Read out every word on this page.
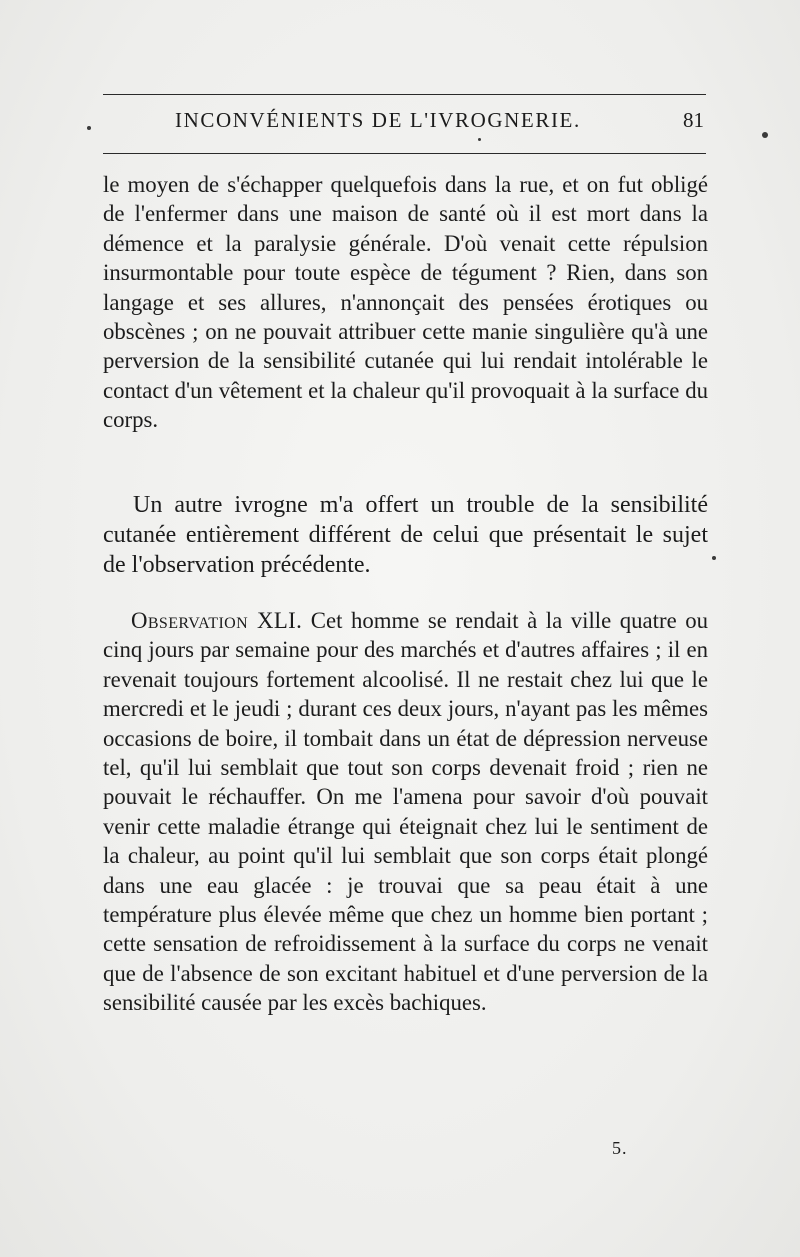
INCONVÉNIENTS DE L'IVROGNERIE.	81
le moyen de s'échapper quelquefois dans la rue, et on fut obligé de l'enfermer dans une maison de santé où il est mort dans la démence et la paralysie générale. D'où venait cette répulsion insurmontable pour toute espèce de tégument ? Rien, dans son langage et ses allures, n'annonçait des pensées érotiques ou obscènes ; on ne pouvait attribuer cette manie singulière qu'à une perversion de la sensibilité cutanée qui lui rendait intolérable le contact d'un vêtement et la chaleur qu'il provoquait à la surface du corps.
Un autre ivrogne m'a offert un trouble de la sensibilité cutanée entièrement différent de celui que présentait le sujet de l'observation précédente.
Observation XLI. Cet homme se rendait à la ville quatre ou cinq jours par semaine pour des marchés et d'autres affaires ; il en revenait toujours fortement alcoolisé. Il ne restait chez lui que le mercredi et le jeudi ; durant ces deux jours, n'ayant pas les mêmes occasions de boire, il tombait dans un état de dépression nerveuse tel, qu'il lui semblait que tout son corps devenait froid ; rien ne pouvait le réchauffer. On me l'amena pour savoir d'où pouvait venir cette maladie étrange qui éteignait chez lui le sentiment de la chaleur, au point qu'il lui semblait que son corps était plongé dans une eau glacée : je trouvai que sa peau était à une température plus élevée même que chez un homme bien portant ; cette sensation de refroidissement à la surface du corps ne venait que de l'absence de son excitant habituel et d'une perversion de la sensibilité causée par les excès bachiques.
5.
